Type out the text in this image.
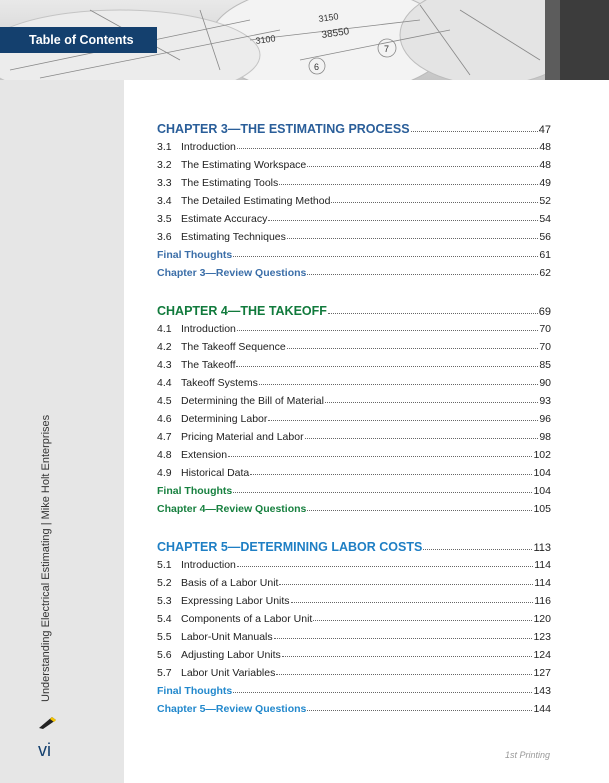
3100
3150
38550
7
6
Table of Contents
Understanding Electrical Estimating | Mike Holt Enterprises
vi	1st Printing
CHAPTER 3—THE ESTIMATING PROCESS	47
3.1 Introduction	48
3.2 The Estimating Workspace	48
3.3 The Estimating Tools	49
3.4 The Detailed Estimating Method	52
3.5 Estimate Accuracy	54
3.6 Estimating Techniques	56
Final Thoughts	61
Chapter 3—Review Questions	62
CHAPTER 4—THE TAKEOFF	69
4.1 Introduction	70
4.2 The Takeoff Sequence	70
4.3 The Takeoff	85
4.4 Takeoff Systems	90
4.5 Determining the Bill of Material	93
4.6 Determining Labor	96
4.7 Pricing Material and Labor	98
4.8 Extension	102
4.9 Historical Data	104
Final Thoughts	104
Chapter 4—Review Questions	105
CHAPTER 5—DETERMINING LABOR COSTS	113
5.1 Introduction	114
5.2 Basis of a Labor Unit	114
5.3 Expressing Labor Units	116
5.4 Components of a Labor Unit	120
5.5 Labor-Unit Manuals	123
5.6 Adjusting Labor Units	124
5.7 Labor Unit Variables	127
Final Thoughts	143
Chapter 5—Review Questions	144
